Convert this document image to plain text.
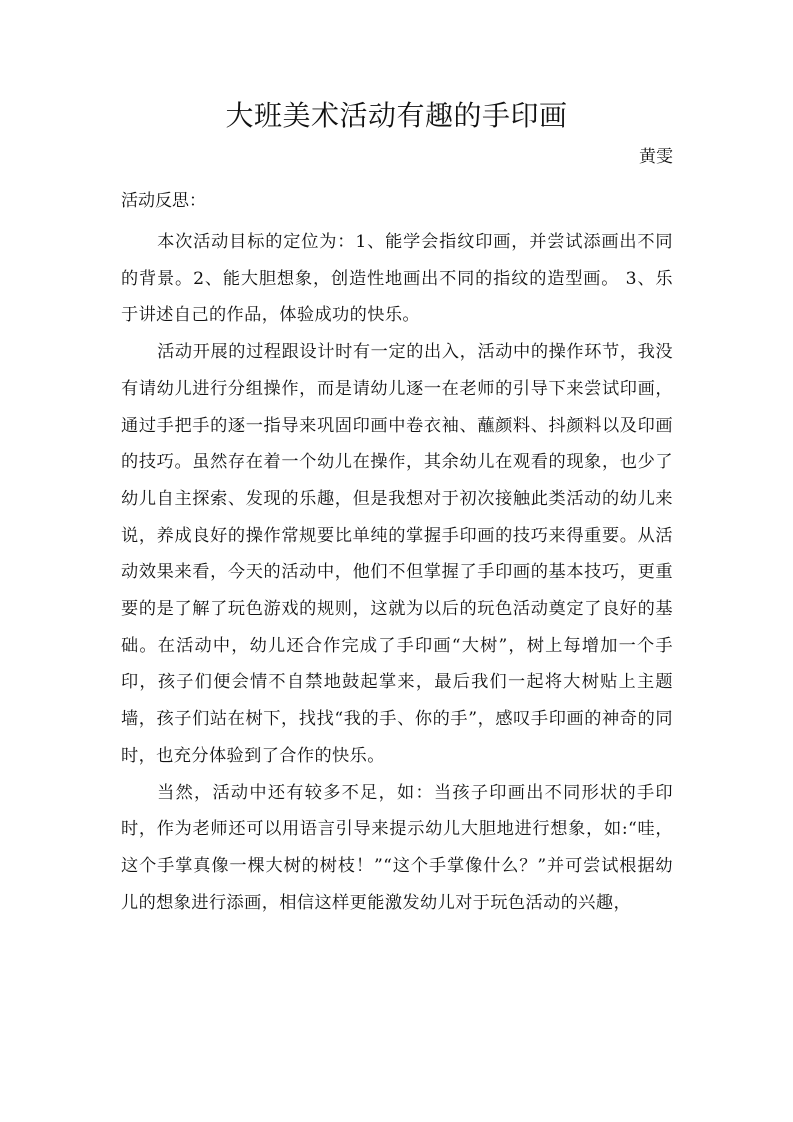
大班美术活动有趣的手印画
黄雯
活动反思：

本次活动目标的定位为：1、能学会指纹印画，并尝试添画出不同的背景。2、能大胆想象，创造性地画出不同的指纹的造型画。 3、乐于讲述自己的作品，体验成功的快乐。

活动开展的过程跟设计时有一定的出入，活动中的操作环节，我没有请幼儿进行分组操作，而是请幼儿逐一在老师的引导下来尝试印画，通过手把手的逐一指导来巩固印画中卷衣袖、蘸颜料、抖颜料以及印画的技巧。虽然存在着一个幼儿在操作，其余幼儿在观看的现象，也少了幼儿自主探索、发现的乐趣，但是我想对于初次接触此类活动的幼儿来说，养成良好的操作常规要比单纯的掌握手印画的技巧来得重要。从活动效果来看，今天的活动中，他们不但掌握了手印画的基本技巧，更重要的是了解了玩色游戏的规则，这就为以后的玩色活动奠定了良好的基础。在活动中，幼儿还合作完成了手印画“大树”，树上每增加一个手印，孩子们便会情不自禁地鼓起掌来，最后我们一起将大树贴上主题墙，孩子们站在树下，找找“我的手、你的手”，感叹手印画的神奇的同时，也充分体验到了合作的快乐。

当然，活动中还有较多不足，如：当孩子印画出不同形状的手印时，作为老师还可以用语言引导来提示幼儿大胆地进行想象，如:“哇，这个手掌真像一棵大树的树枝！”“这个手掌像什么？”并可尝试根据幼儿的想象进行添画，相信这样更能激发幼儿对于玩色活动的兴趣，
